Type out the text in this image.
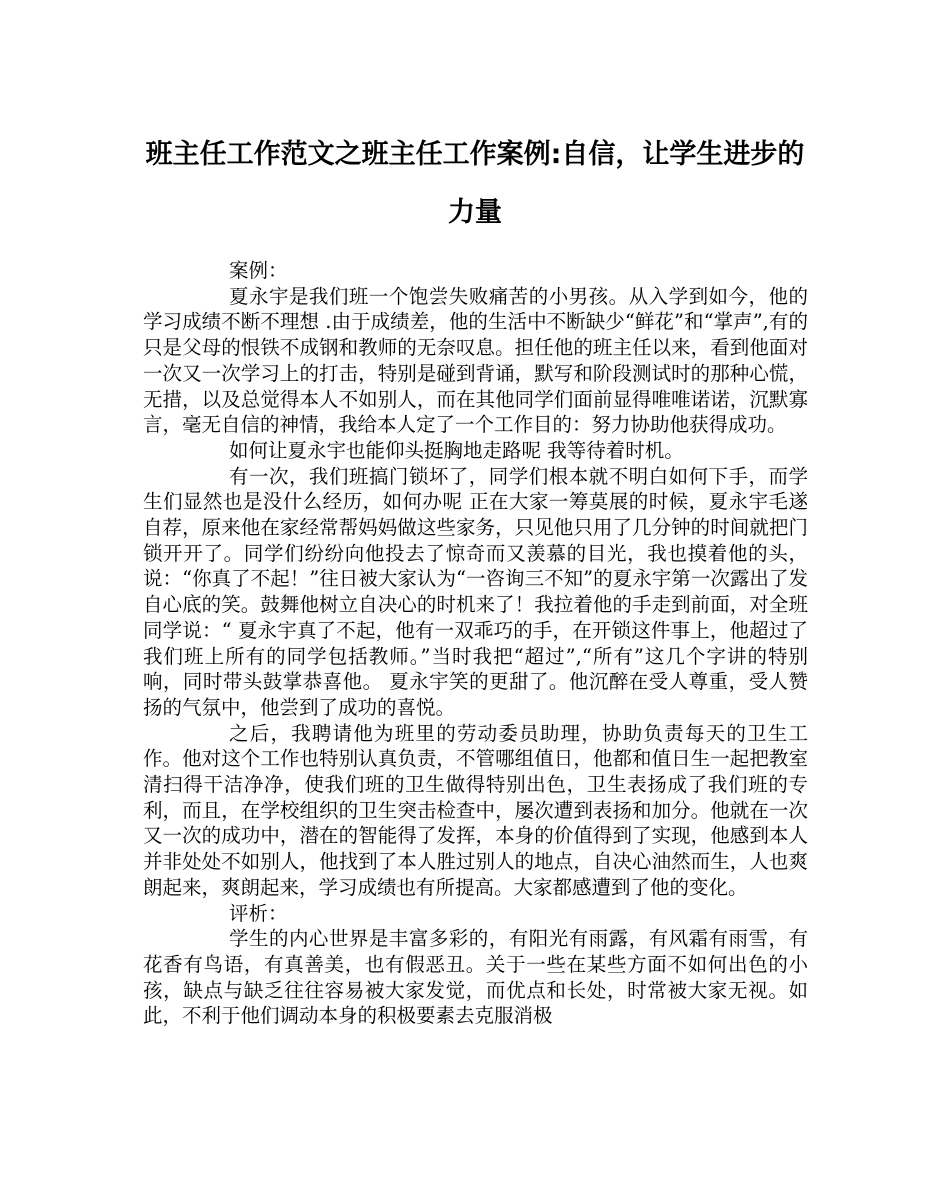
班主任工作范文之班主任工作案例:自信，让学生进步的力量

案例：

夏永宇是我们班一个饱尝失败痛苦的小男孩。从入学到如今，他的学习成绩不断不理想 .由于成绩差，他的生活中不断缺少“鲜花”和“掌声”,有的只是父母的恨铁不成钢和教师的无奈叹息。担任他的班主任以来，看到他面对一次又一次学习上的打击，特别是碰到背诵，默写和阶段测试时的那种心慌，无措，以及总觉得本人不如别人，而在其他同学们面前显得唯唯诺诺，沉默寡言，毫无自信的神情，我给本人定了一个工作目的：努力协助他获得成功。

如何让夏永宇也能仰头挺胸地走路呢 我等待着时机。

有一次，我们班搞门锁坏了，同学们根本就不明白如何下手，而学生们显然也是没什么经历，如何办呢 正在大家一筹莫展的时候，夏永宇毛遂自荐，原来他在家经常帮妈妈做这些家务，只见他只用了几分钟的时间就把门锁开开了。同学们纷纷向他投去了惊奇而又羡慕的目光，我也摸着他的头，说：“你真了不起！”往日被大家认为“一咨询三不知”的夏永宇第一次露出了发自心底的笑。鼓舞他树立自决心的时机来了！我拉着他的手走到前面，对全班同学说：“ 夏永宇真了不起，他有一双乖巧的手，在开锁这件事上，他超过了我们班上所有的同学包括教师。”当时我把“超过”,“所有”这几个字讲的特别响，同时带头鼓掌恭喜他。 夏永宇笑的更甜了。他沉醉在受人尊重，受人赞扬的气氛中，他尝到了成功的喜悦。

之后，我聘请他为班里的劳动委员助理，协助负责每天的卫生工作。他对这个工作也特别认真负责，不管哪组值日，他都和值日生一起把教室清扫得干洁净净，使我们班的卫生做得特别出色，卫生表扬成了我们班的专利，而且，在学校组织的卫生突击检查中，屡次遭到表扬和加分。他就在一次又一次的成功中，潜在的智能得了发挥，本身的价值得到了实现，他感到本人并非处处不如别人，他找到了本人胜过别人的地点，自决心油然而生，人也爽朗起来，爽朗起来，学习成绩也有所提高。大家都感遭到了他的变化。

评析：

学生的内心世界是丰富多彩的，有阳光有雨露，有风霜有雨雪，有花香有鸟语，有真善美，也有假恶丑。关于一些在某些方面不如何出色的小孩，缺点与缺乏往往容易被大家发觉，而优点和长处，时常被大家无视。如此，不利于他们调动本身的积极要素去克服消极
